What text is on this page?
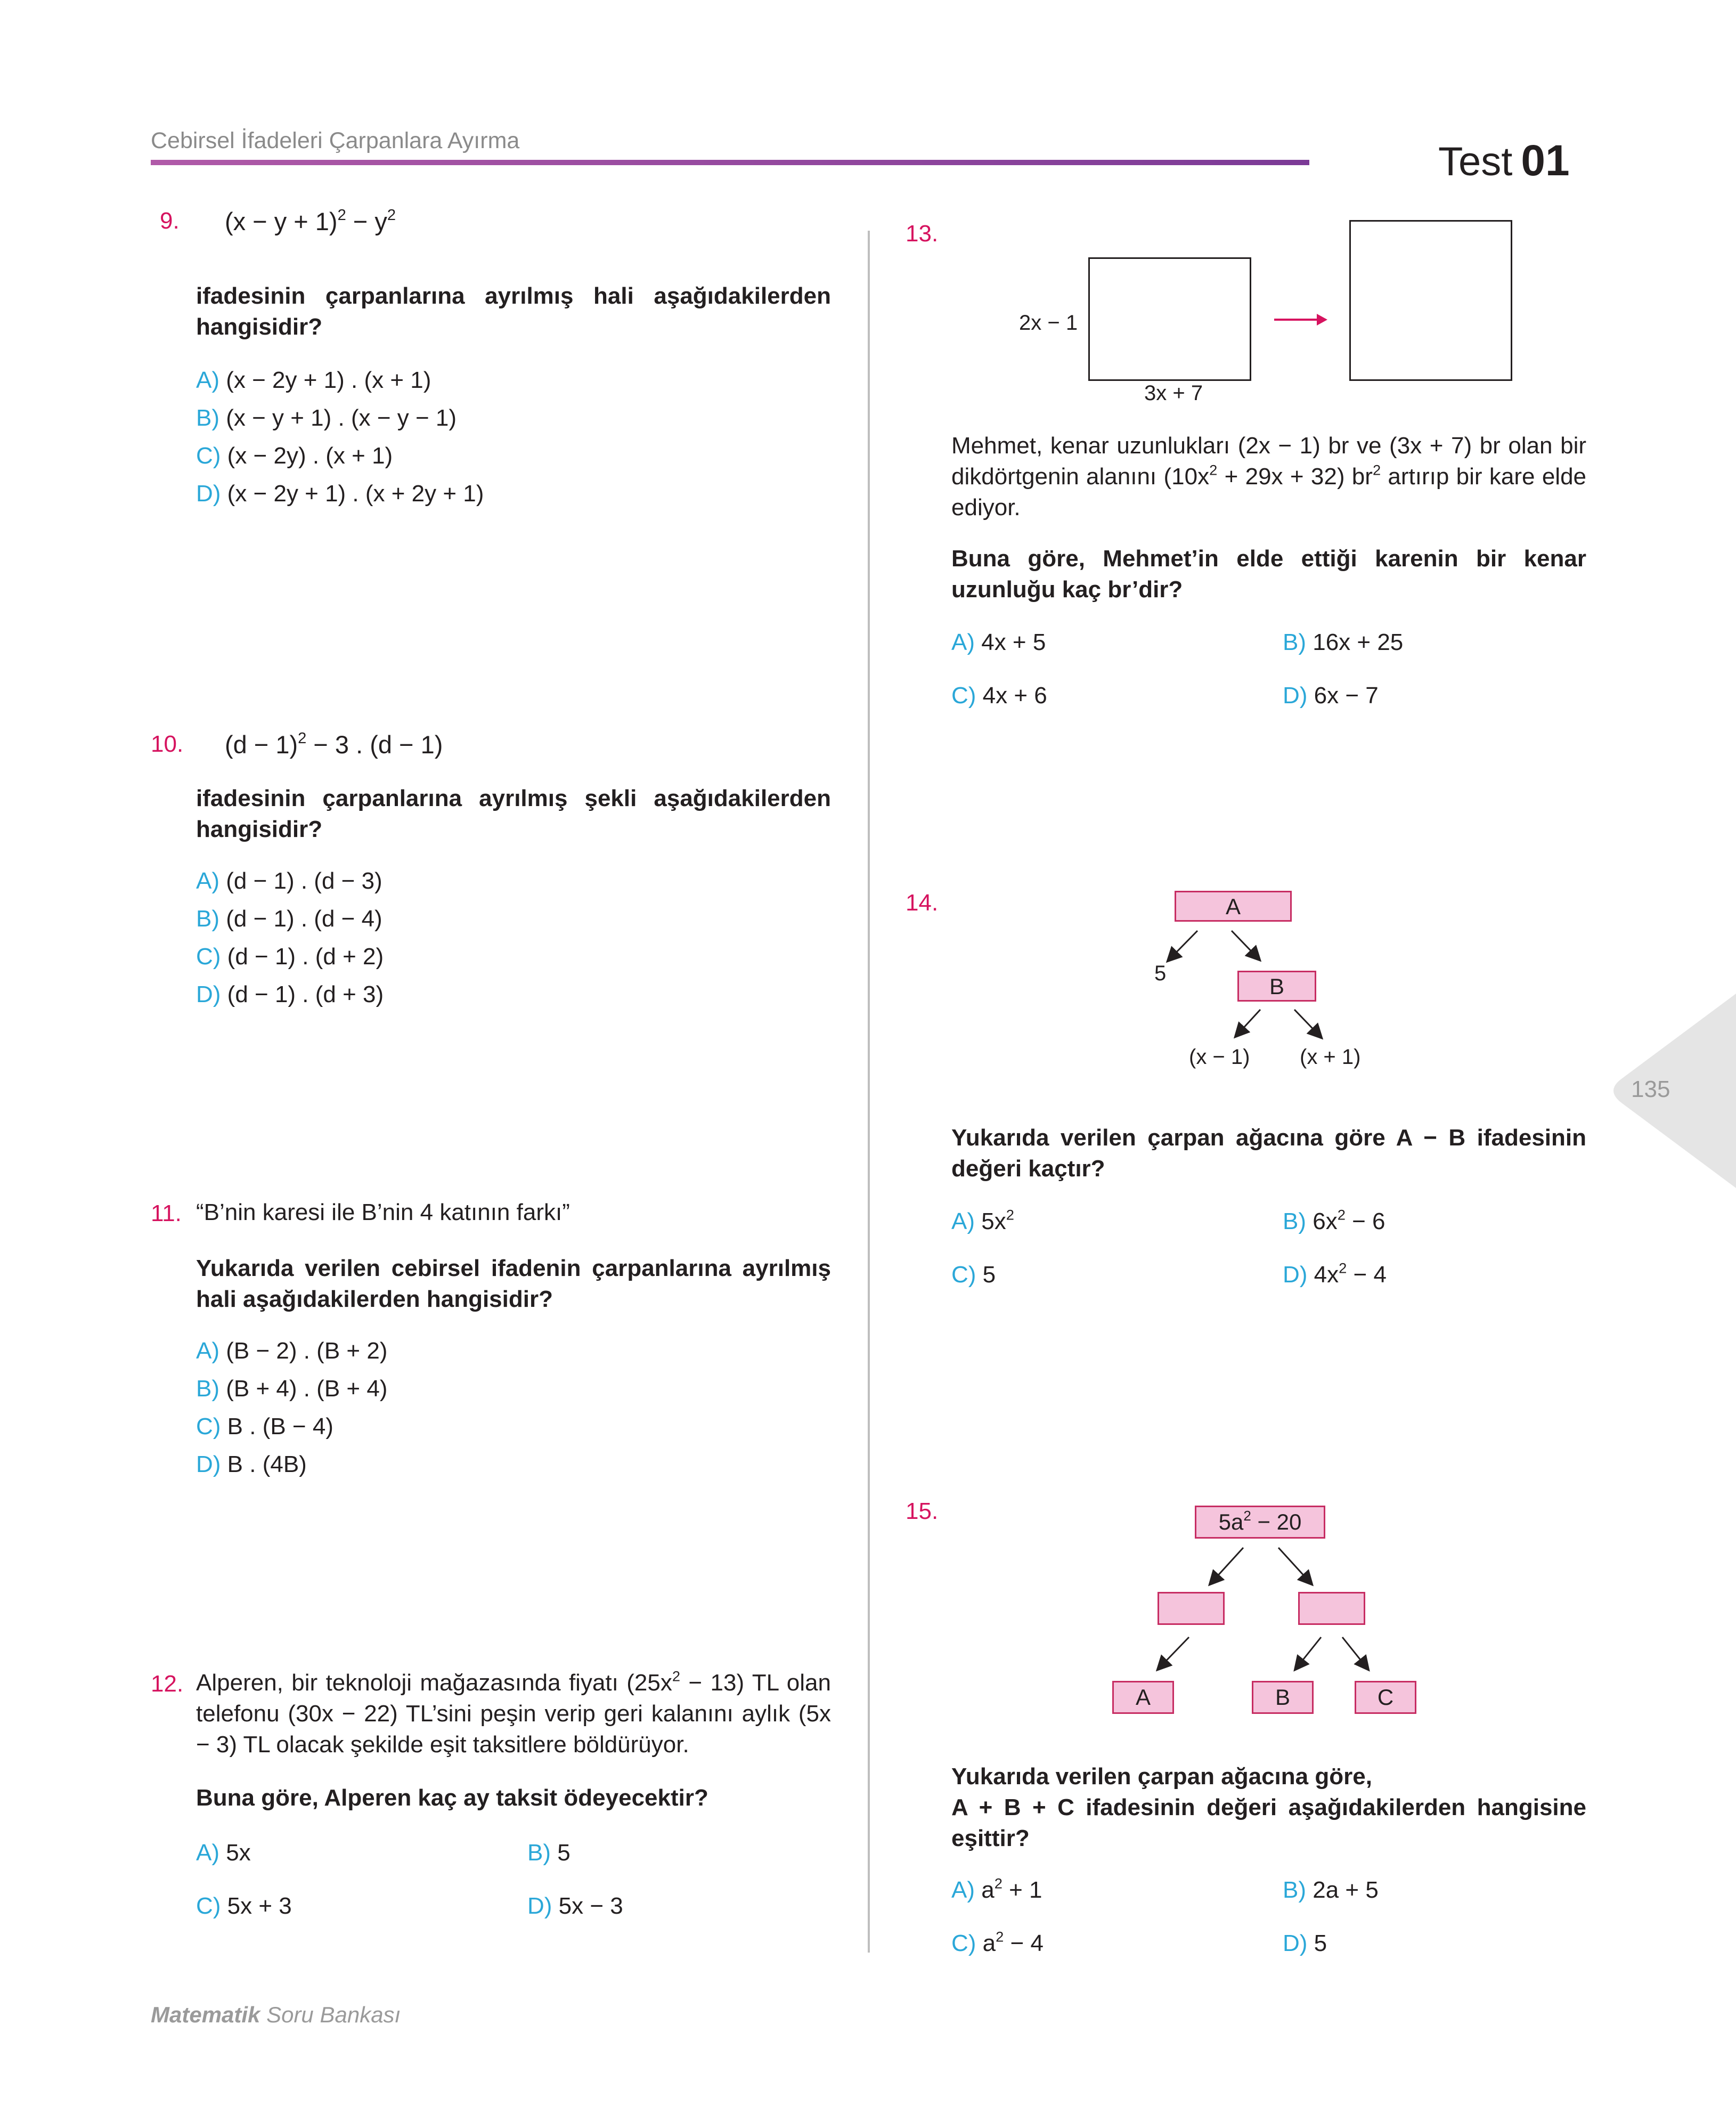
Cebirsel İfadeleri Çarpanlara Ayırma	Test 01
9. $(x - y + 1)^2 - y^2$
ifadesinin çarpanlarına ayrılmış hali aşağıdakilerden hangisidir?
A) (x − 2y + 1) . (x + 1)
B) (x − y + 1) . (x − y − 1)
C) (x − 2y) . (x + 1)
D) (x − 2y + 1) . (x + 2y + 1)
10. $(d - 1)^2 - 3$ . (d − 1)
ifadesinin çarpanlarına ayrılmış şekli aşağıdakilerden hangisidir?
A) (d − 1) . (d − 3)
B) (d − 1) . (d − 4)
C) (d − 1) . (d + 2)
D) (d − 1) . (d + 3)
11. “B’nin karesi ile B’nin 4 katının farkı”
Yukarıda verilen cebirsel ifadenin çarpanlarına ayrılmış hali aşağıdakilerden hangisidir?
A) (B − 2) . (B + 2)
B) (B + 4) . (B + 4)
C) B . (B − 4)
D) B . (4B)
12. Alperen, bir teknoloji mağazasında fiyatı $(25x^2 - 13)$ TL olan telefonu (30x − 22) TL’sini peşin verip geri kalanını aylık (5x − 3) TL olacak şekilde eşit taksitlere böldürüyor.
Buna göre, Alperen kaç ay taksit ödeyecektir?
A) 5x	B) 5
C) 5x + 3	D) 5x − 3
13.
2x − 1
3x + 7
Mehmet, kenar uzunlukları (2x − 1) br ve (3x + 7) br olan bir dikdörtgenin alanını $(10x^2 + 29x + 32)$ $br^2$ artırıp bir kare elde ediyor.
Buna göre, Mehmet’in elde ettiği karenin bir kenar uzunluğu kaç br’dir?
A) 4x + 5	B) 16x + 25
C) 4x + 6	D) 6x − 7
14.	A
B
5
(x − 1) (x + 1)
Yukarıda verilen çarpan ağacına göre A − B ifadesinin değeri kaçtır?
A) $5x^2$	B) $6x^2 - 6$
C) 5	D) $4x^2 - 4$
135
15.	$5a^2 - 20$
A	B	C
Yukarıda verilen çarpan ağacına göre,
A + B + C ifadesinin değeri aşağıdakilerden hangisine eşittir?
A) $a^2 + 1$	B) 2a + 5
C) $a^2 - 4$	D) 5
Matematik Soru Bankası
